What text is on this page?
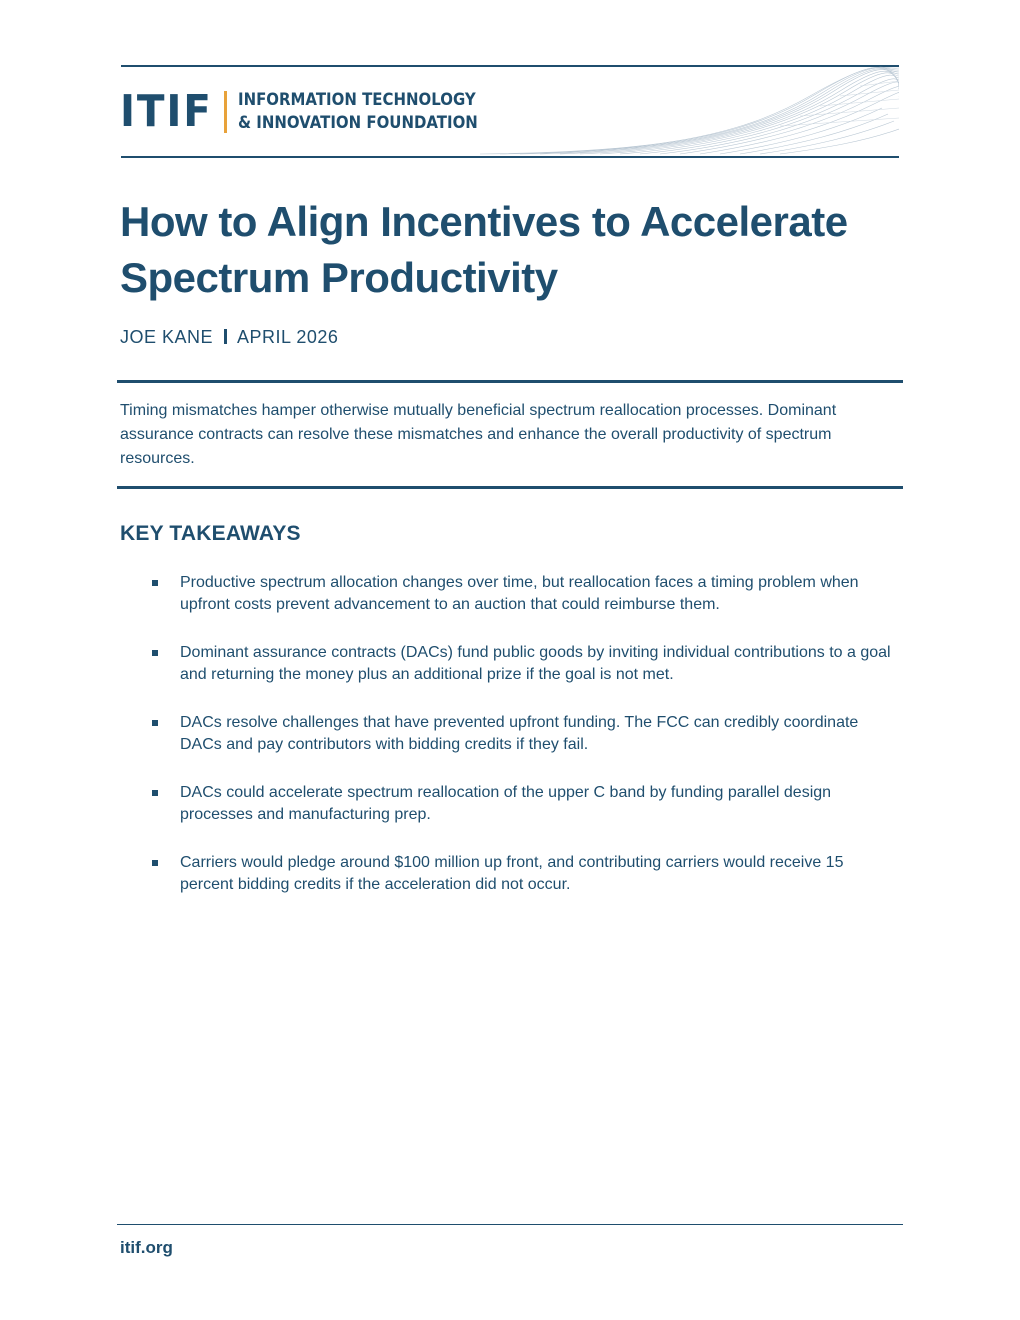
ITIF INFORMATION TECHNOLOGY
& INNOVATION FOUNDATION
How to Align Incentives to Accelerate
Spectrum Productivity
JOE KANE APRIL 2026
Timing mismatches hamper otherwise mutually beneficial spectrum reallocation processes. Dominant assurance contracts can resolve these mismatches and enhance the overall productivity of spectrum resources.
KEY TAKEAWAYS
Productive spectrum allocation changes over time, but reallocation faces a timing problem when upfront costs prevent advancement to an auction that could reimburse them.
Dominant assurance contracts (DACs) fund public goods by inviting individual contributions to a goal and returning the money plus an additional prize if the goal is not met.
DACs resolve challenges that have prevented upfront funding. The FCC can credibly coordinate DACs and pay contributors with bidding credits if they fail.
DACs could accelerate spectrum reallocation of the upper C band by funding parallel design processes and manufacturing prep.
Carriers would pledge around $100 million up front, and contributing carriers would receive 15 percent bidding credits if the acceleration did not occur.
itif.org
